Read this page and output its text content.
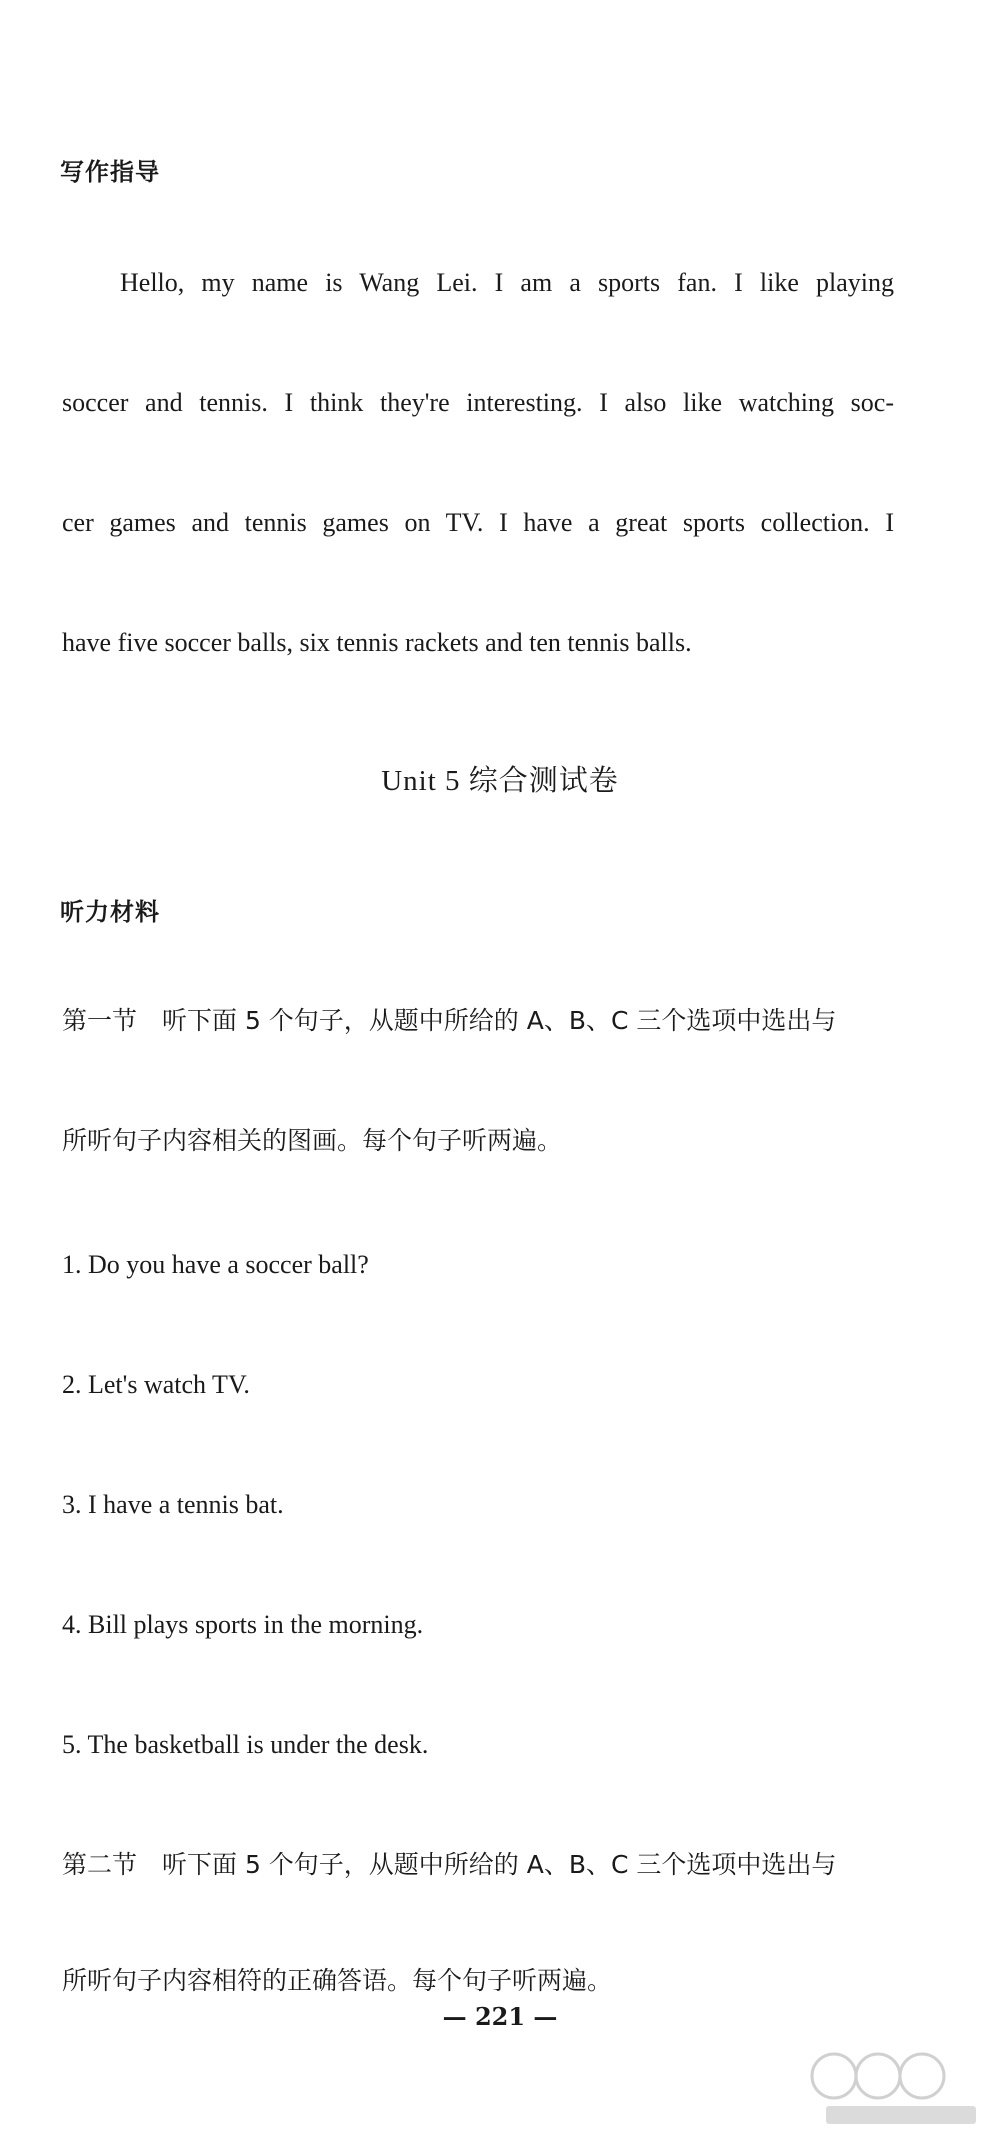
写作指导
Hello, my name is Wang Lei. I am a sports fan. I like playing
soccer and tennis. I think they're interesting. I also like watching soc-
cer games and tennis games on TV. I have a great sports collection. I
have five soccer balls, six tennis rackets and ten tennis balls.
Unit 5 综合测试卷
听力材料
第一节　听下面 5 个句子，从题中所给的 A、B、C 三个选项中选出与
所听句子内容相关的图画。每个句子听两遍。
1. Do you have a soccer ball?
2. Let's watch TV.
3. I have a tennis bat.
4. Bill plays sports in the morning.
5. The basketball is under the desk.
第二节　听下面 5 个句子，从题中所给的 A、B、C 三个选项中选出与
所听句子内容相符的正确答语。每个句子听两遍。
— 221 —
